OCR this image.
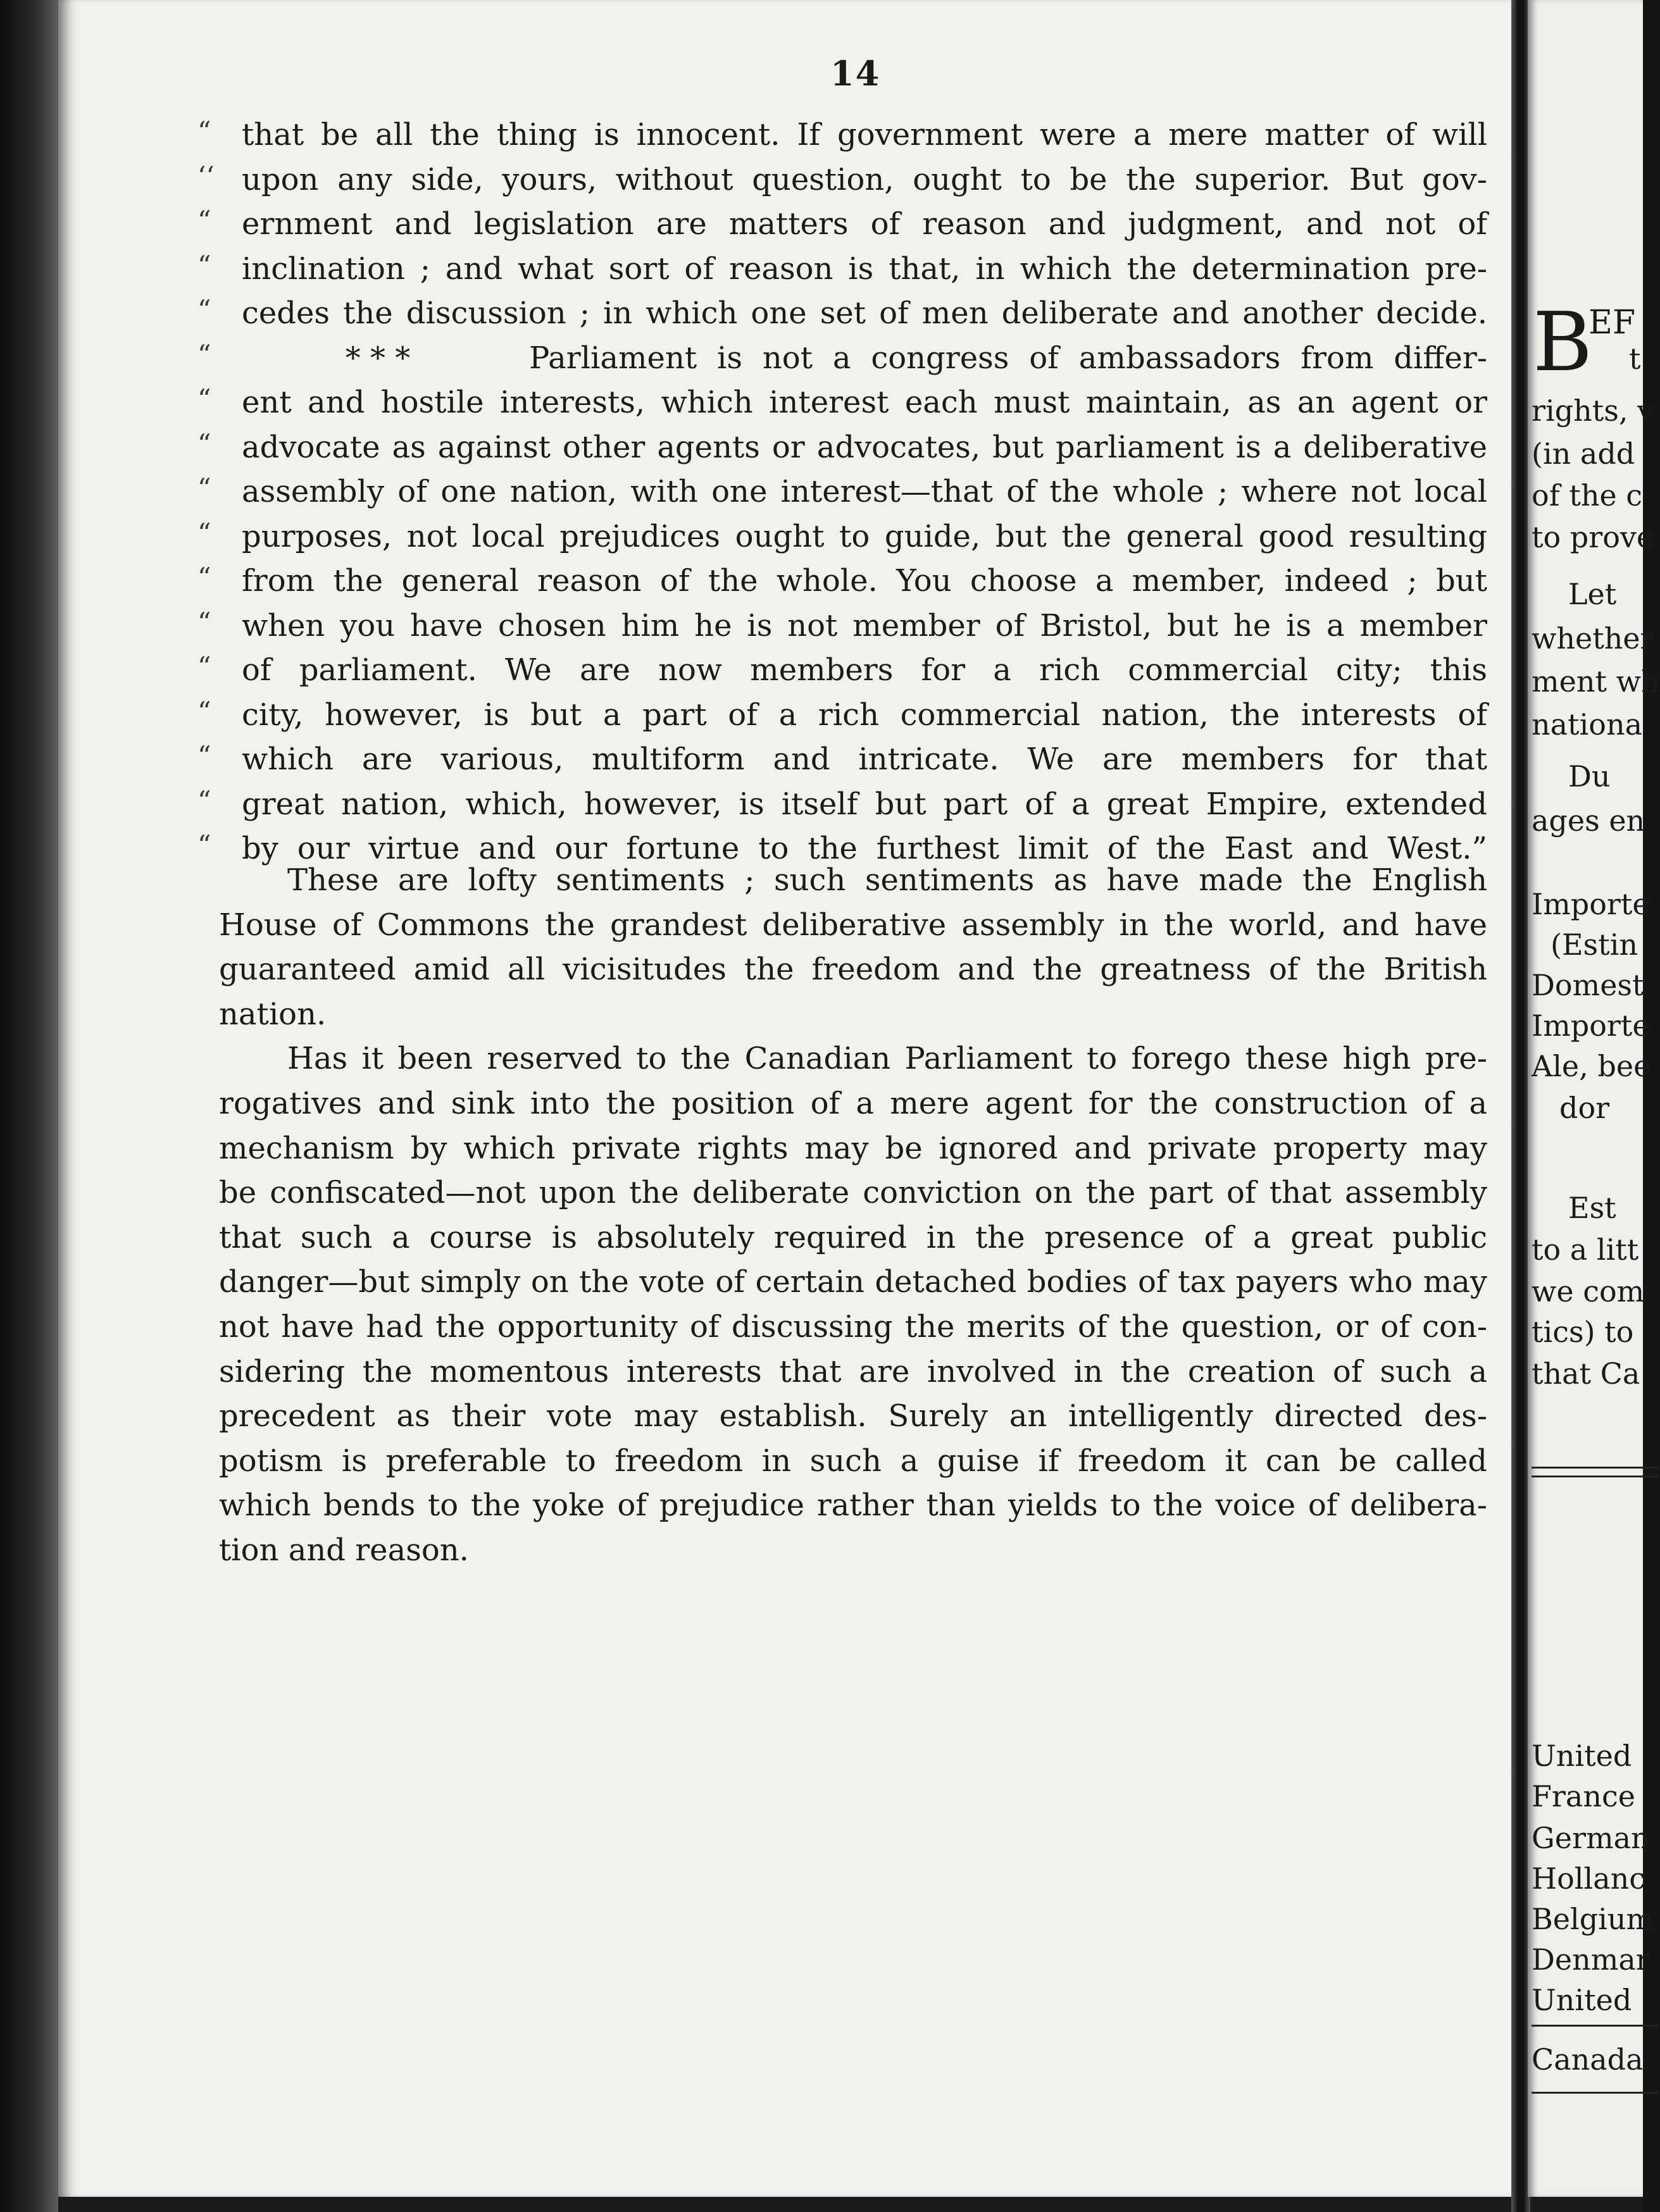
14
“ that be all the thing is innocent. If government were a mere matter of will
‘‘ upon any side, yours, without question, ought to be the superior. But gov-
“ ernment and legislation are matters of reason and judgment, and not of
“ inclination ; and what sort of reason is that, in which the determination pre-
“ cedes the discussion ; in which one set of men deliberate and another decide.
“	* * *	Parliament is not a congress of ambassadors from differ-
“ ent and hostile interests, which interest each must maintain, as an agent or
“ advocate as against other agents or advocates, but parliament is a deliberative
“ assembly of one nation, with one interest—that of the whole ; where not local
“ purposes, not local prejudices ought to guide, but the general good resulting
“ from the general reason of the whole. You choose a member, indeed ; but
“ when you have chosen him he is not member of Bristol, but he is a member
“ of parliament. We are now members for a rich commercial city; this
“ city, however, is but a part of a rich commercial nation, the interests of
“ which are various, multiform and intricate. We are members for that
“ great nation, which, however, is itself but part of a great Empire, extended
“ by our virtue and our fortune to the furthest limit of the East and West.”

These are lofty sentiments ; such sentiments as have made the English
House of Commons the grandest deliberative assembly in the world, and have
guaranteed amid all vicisitudes the freedom and the greatness of the British
nation.

Has it been reserved to the Canadian Parliament to forego these high pre-
rogatives and sink into the position of a mere agent for the construction of a
mechanism by which private rights may be ignored and private property may
be confiscated—not upon the deliberate conviction on the part of that assembly
that such a course is absolutely required in the presence of a great public
danger—but simply on the vote of certain detached bodies of tax payers who may
not have had the opportunity of discussing the merits of the question, or of con-
sidering the momentous interests that are involved in the creation of such a
precedent as their vote may establish. Surely an intelligently directed des-
potism is preferable to freedom in such a guise if freedom it can be called
which bends to the yoke of prejudice rather than yields to the voice of delibera-
tion and reason.

B
EF
t
rights, v
(in add
of the c
to prove
Let
whether
ment wh
nationa
Du
ages en
Importe
(Estin
Domest
Importe
Ale, bee
dor
Est
to a litt
we com
tics) to
that Ca
United
France
German
Hollanc
Belgium
Denmar
United
Canada
